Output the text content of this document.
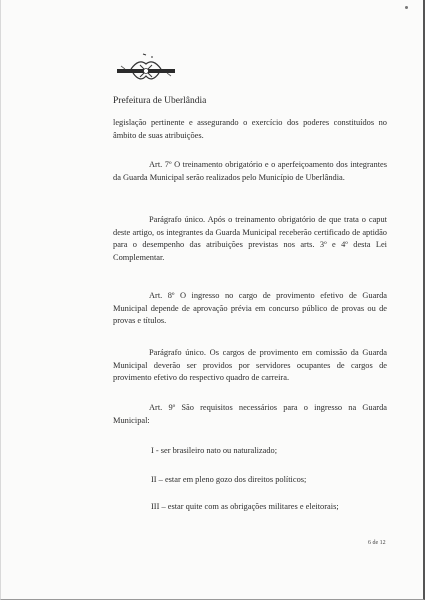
Prefeitura de Uberlândia
legislação pertinente e assegurando o exercício dos poderes constituídos no âmbito de suas atribuições.
Art. 7º O treinamento obrigatório e o aperfeiçoamento dos integrantes da Guarda Municipal serão realizados pelo Município de Uberlândia.
Parágrafo único. Após o treinamento obrigatório de que trata o caput deste artigo, os integrantes da Guarda Municipal receberão certificado de aptidão para o desempenho das atribuições previstas nos arts. 3º e 4º desta Lei Complementar.
Art. 8º O ingresso no cargo de provimento efetivo de Guarda Municipal depende de aprovação prévia em concurso público de provas ou de provas e títulos.
Parágrafo único. Os cargos de provimento em comissão da Guarda Municipal deverão ser providos por servidores ocupantes de cargos de provimento efetivo do respectivo quadro de carreira.
Art. 9º São requisitos necessários para o ingresso na Guarda Municipal:
I - ser brasileiro nato ou naturalizado;
II – estar em pleno gozo dos direitos políticos;
III – estar quite com as obrigações militares e eleitorais;
6 de 12
